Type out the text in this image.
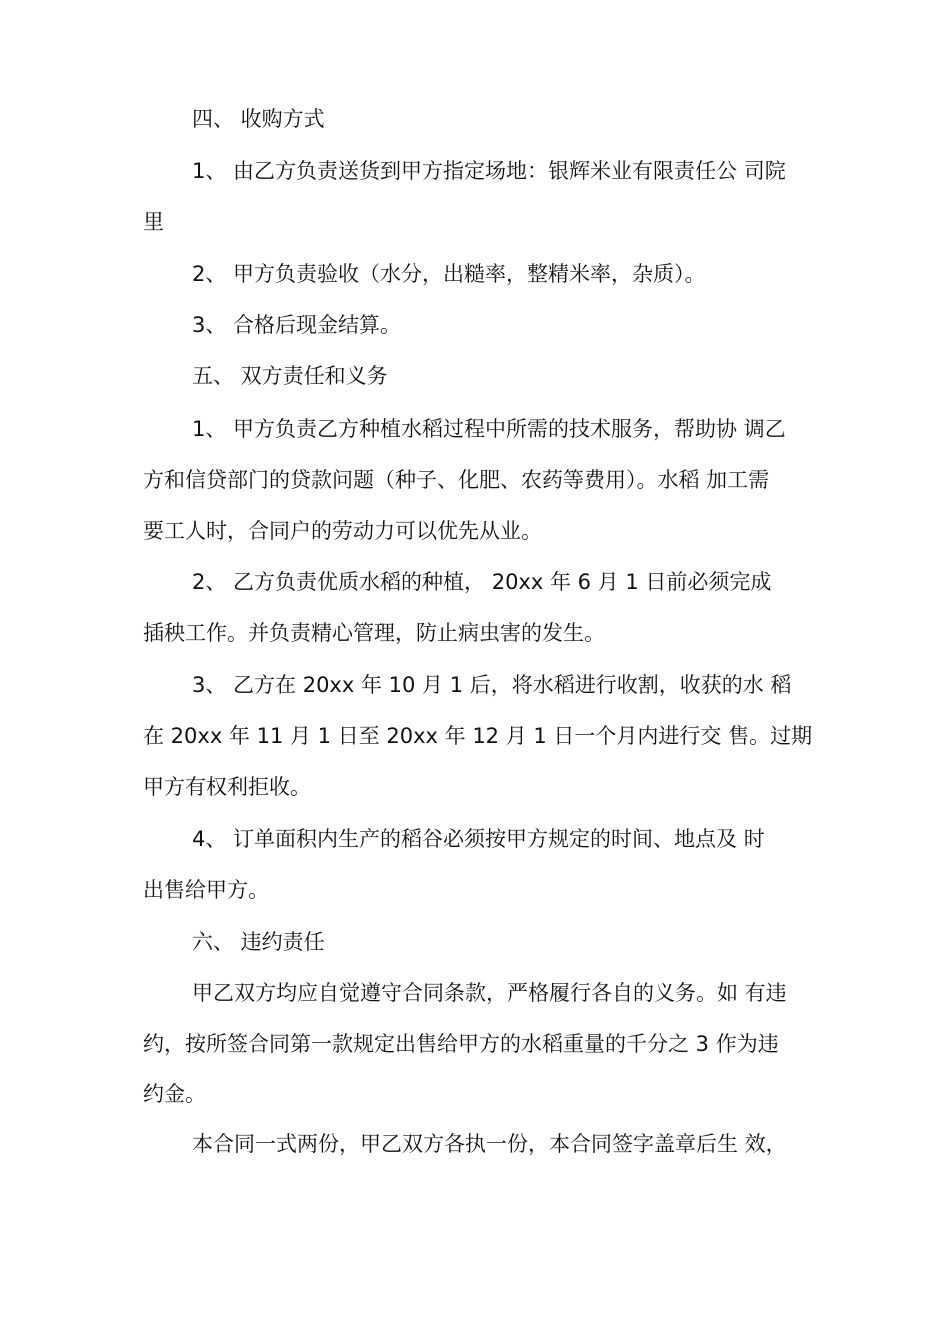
四、 收购方式
1、 由乙方负责送货到甲方指定场地：银辉米业有限责任公 司院
里
2、 甲方负责验收（水分，出糙率，整精米率，杂质）。
3、 合格后现金结算。
五、 双方责任和义务
1、 甲方负责乙方种植水稻过程中所需的技术服务，帮助协 调乙
方和信贷部门的贷款问题（种子、化肥、农药等费用）。水稻 加工需
要工人时，合同户的劳动力可以优先从业。
2、 乙方负责优质水稻的种植， 20xx 年 6 月 1 日前必须完成
插秧工作。并负责精心管理，防止病虫害的发生。
3、 乙方在 20xx 年 10 月 1 后，将水稻进行收割，收获的水 稻
在 20xx 年 11 月 1 日至 20xx 年 12 月 1 日一个月内进行交 售。过期
甲方有权利拒收。
4、 订单面积内生产的稻谷必须按甲方规定的时间、地点及 时
出售给甲方。
六、 违约责任
甲乙双方均应自觉遵守合同条款，严格履行各自的义务。如 有违
约，按所签合同第一款规定出售给甲方的水稻重量的千分之 3 作为违
约金。
本合同一式两份，甲乙双方各执一份，本合同签字盖章后生 效，
